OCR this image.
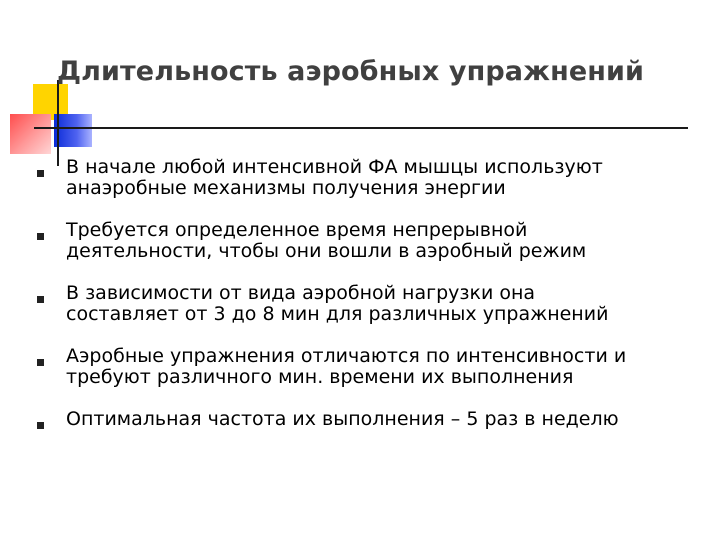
Длительность аэробных упражнений
В начале любой интенсивной ФА мышцы используют
анаэробные механизмы получения энергии
Требуется определенное время непрерывной
деятельности, чтобы они вошли в аэробный режим
В зависимости от вида аэробной нагрузки она
составляет от 3 до 8 мин для различных упражнений
Аэробные упражнения отличаются по интенсивности и
требуют различного мин. времени их выполнения
Оптимальная частота их выполнения – 5 раз в неделю
